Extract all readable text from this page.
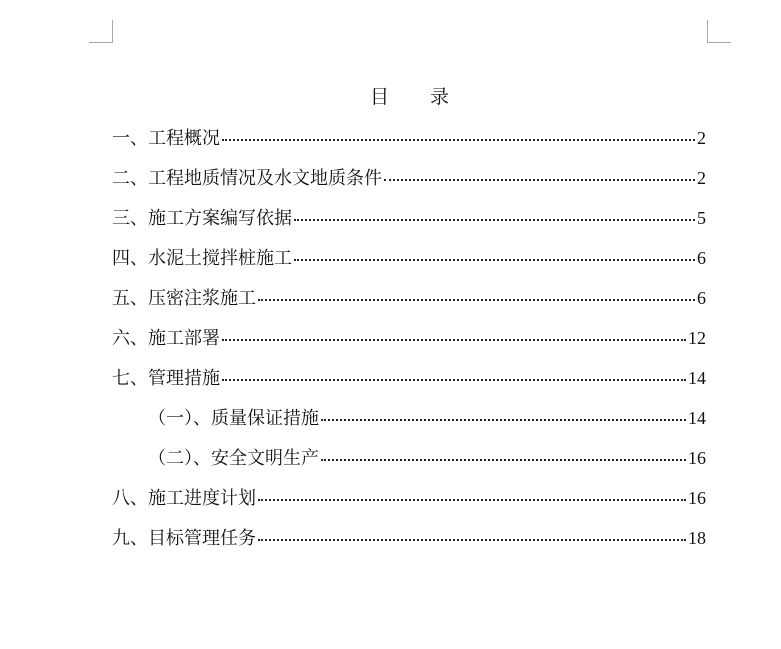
目　　录
一、工程概况	2
二、工程地质情况及水文地质条件	2
三、施工方案编写依据	5
四、水泥土搅拌桩施工	6
五、压密注浆施工	6
六、施工部署	12
七、管理措施	14
（一）、质量保证措施	14
（二）、安全文明生产	16
八、施工进度计划	16
九、目标管理任务	18
